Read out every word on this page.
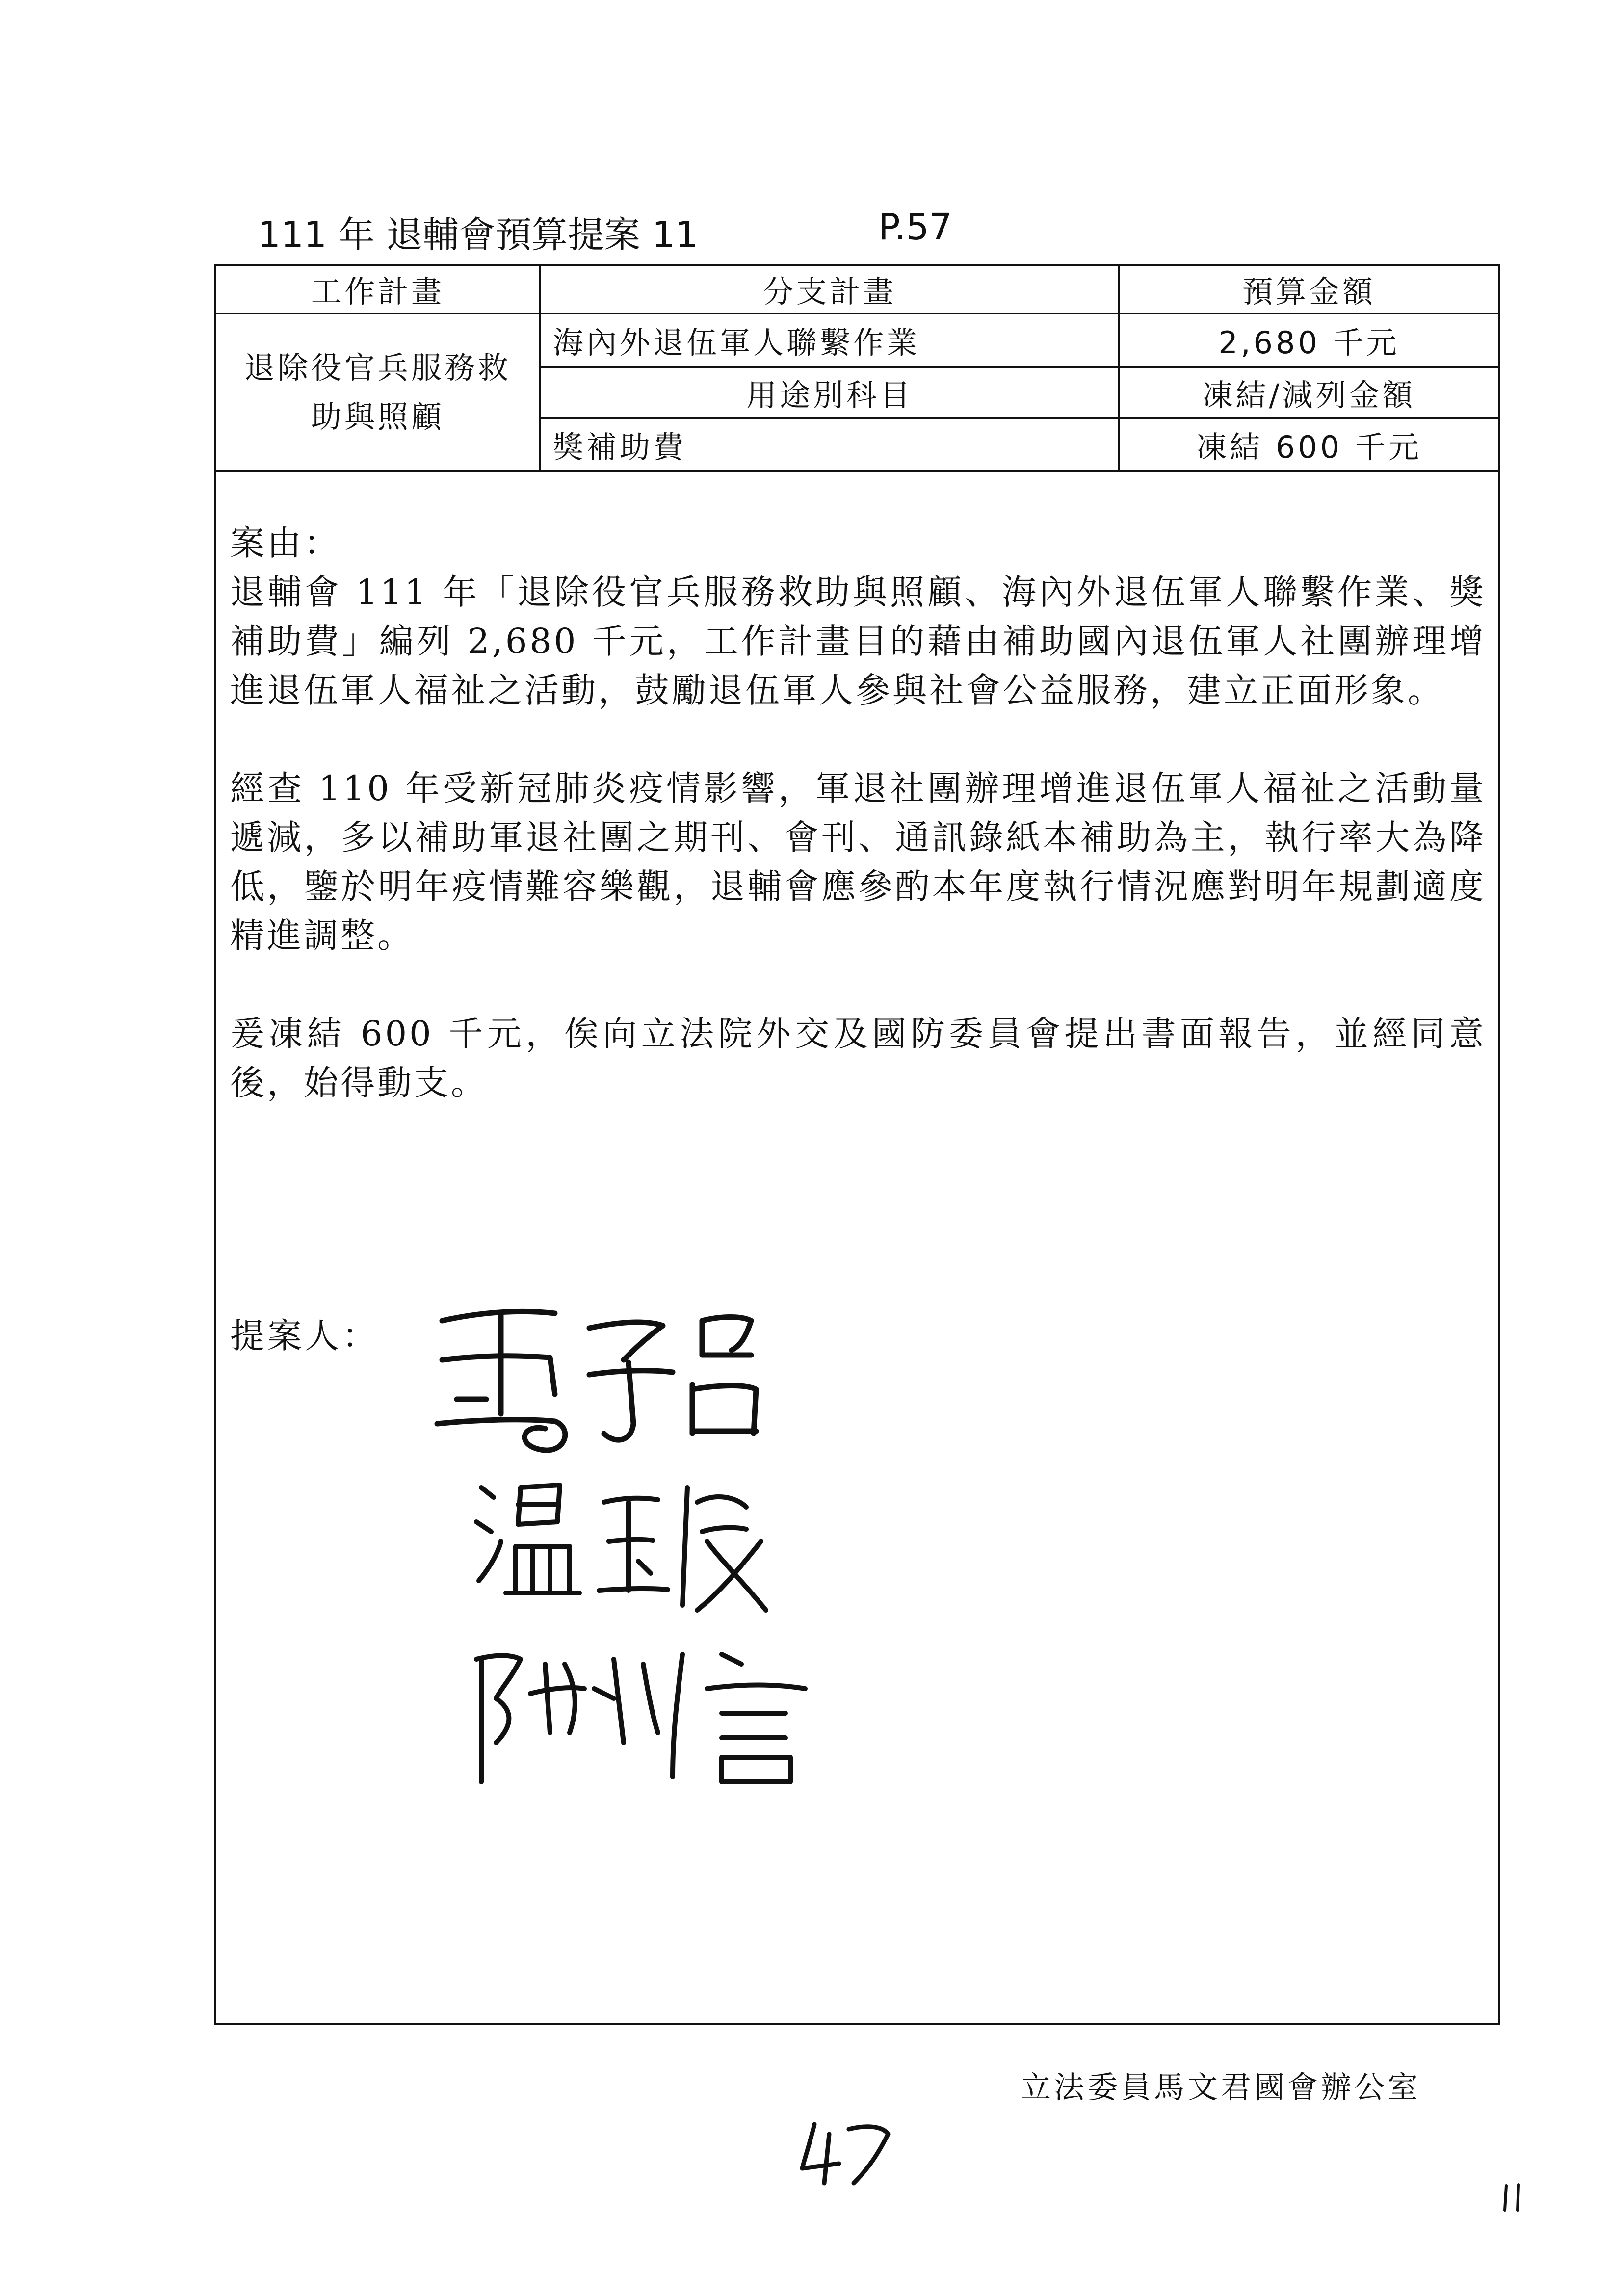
111 年 退輔會預算提案 11	P.57
工作計畫	分支計畫	預算金額

退除役官兵服務救助與照顧	海內外退伍軍人聯繫作業	2,680 千元
	用途別科目	凍結/減列金額
	獎補助費	凍結 600 千元

案由：

退輔會 111 年「退除役官兵服務救助與照顧、海內外退伍軍人聯繫作業、獎補助費」編列 2,680 千元，工作計畫目的藉由補助國內退伍軍人社團辦理增進退伍軍人福祉之活動，鼓勵退伍軍人參與社會公益服務，建立正面形象。

經查 110 年受新冠肺炎疫情影響，軍退社團辦理增進退伍軍人福祉之活動量遞減，多以補助軍退社團之期刊、會刊、通訊錄紙本補助為主，執行率大為降低，鑒於明年疫情難容樂觀，退輔會應參酌本年度執行情況應對明年規劃適度精進調整。

爰凍結 600 千元，俟向立法院外交及國防委員會提出書面報告，並經同意後，始得動支。

提案人：
立法委員馬文君國會辦公室
